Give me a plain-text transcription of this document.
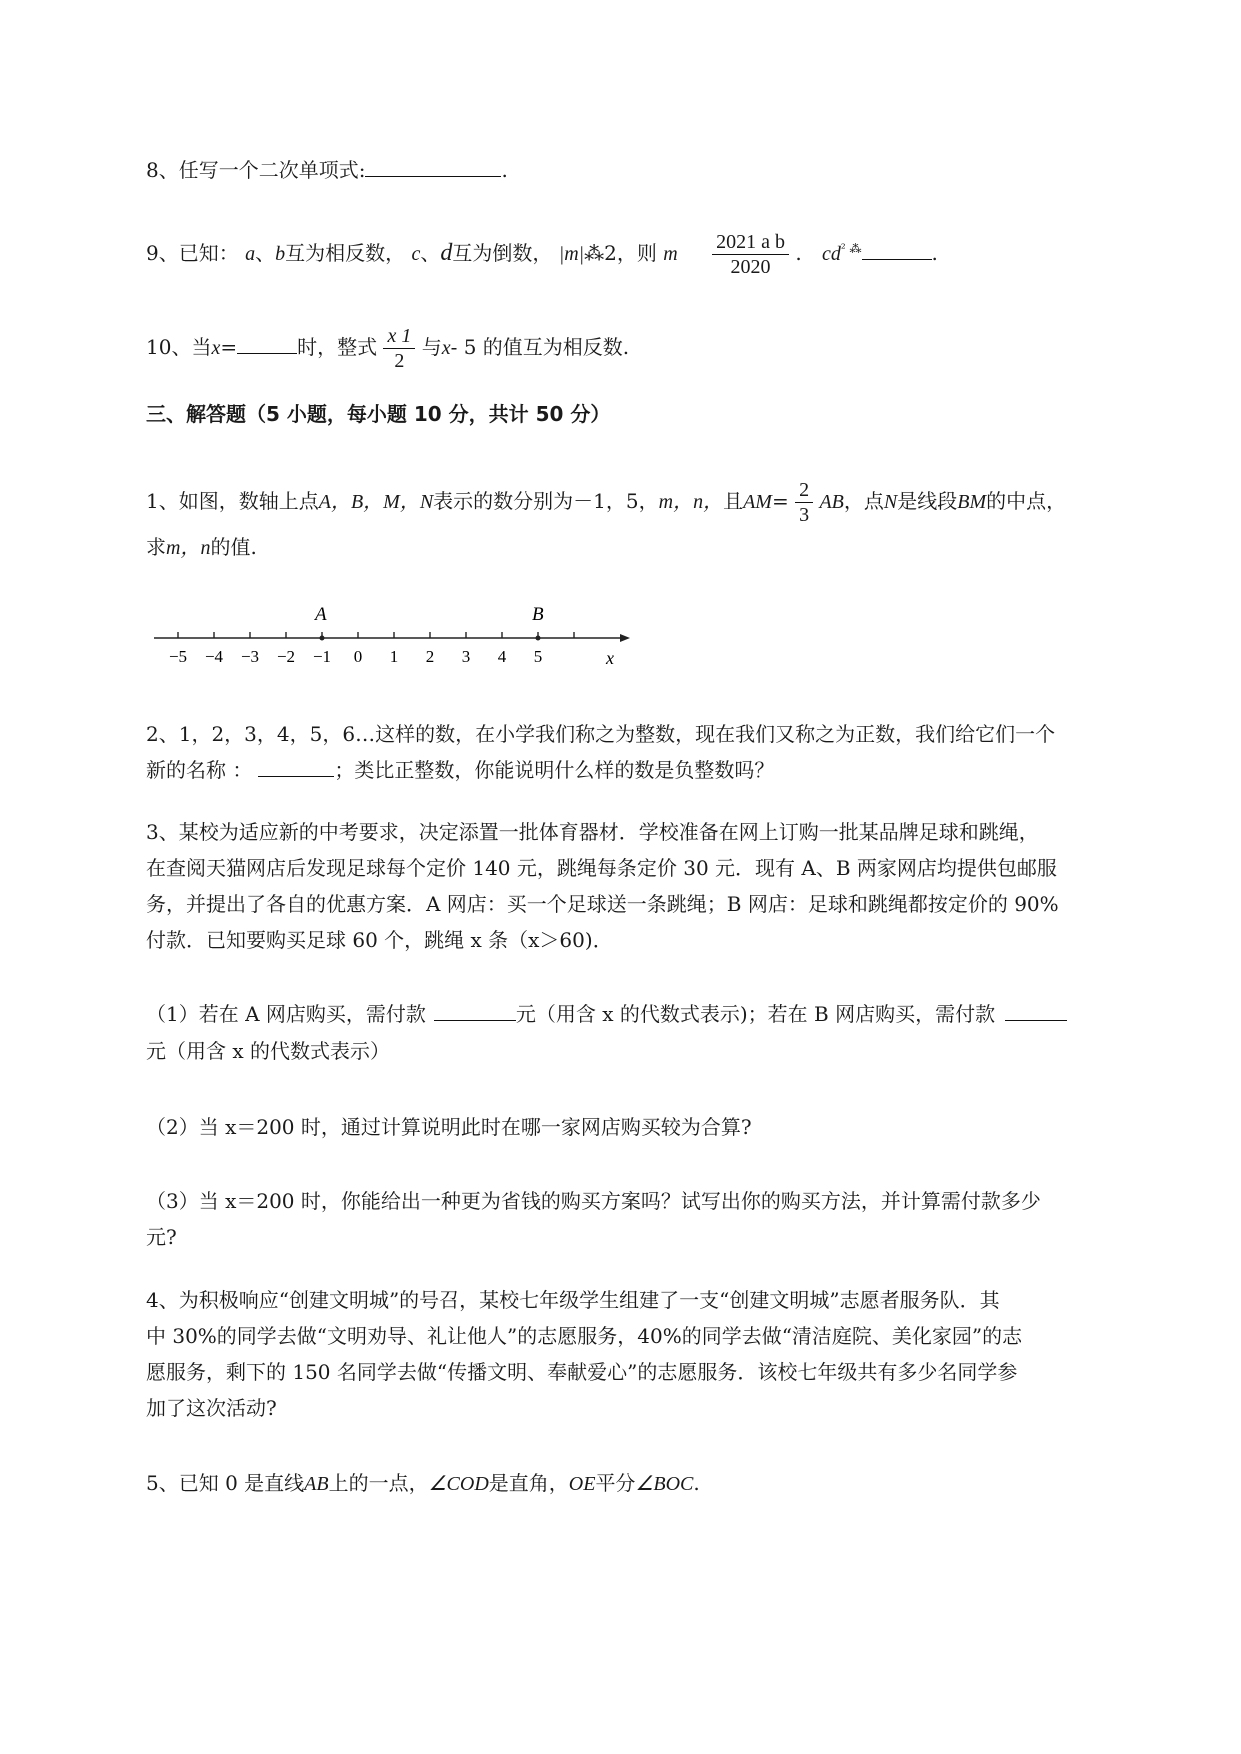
8、任写一个二次单项式:	.
9、已知： a、b互为相反数， c、d互为倒数， |m|⁂2，则 m $\frac{\text{2021 a b}}{2020}$ . $cd^{^2 ⁂}$	.
10、当x=	时，整式 $\frac{x 1}{2}$ 与x- 5 的值互为相反数.
三、解答题（5 小题，每小题 10 分，共计 50 分）
1、如图，数轴上点A，B，M，N表示的数分别为－1，5，m，n，且$AM= \frac{2}{3}$ AB，点N是线段BM的中点，
求m，n的值.
−5 −4 −3 −2 −1 0 1 2 3 4 5
A	B
x
2、1，2，3，4，5，6…这样的数，在小学我们称之为整数，现在我们又称之为正数，我们给它们一个
新的名称 ：	；类比正整数，你能说明什么样的数是负整数吗？
3、某校为适应新的中考要求，决定添置一批体育器材．学校准备在网上订购一批某品牌足球和跳绳，
在查阅天猫网店后发现足球每个定价 140 元，跳绳每条定价 30 元．现有 A、B 两家网店均提供包邮服
务，并提出了各自的优惠方案．A 网店：买一个足球送一条跳绳；B 网店：足球和跳绳都按定价的 90%
付款．已知要购买足球 60 个，跳绳 x 条（x＞60)．
（1）若在 A 网店购买，需付款	元（用含 x 的代数式表示)；若在 B 网店购买，需付款
元（用含 x 的代数式表示）
（2）当 x＝200 时，通过计算说明此时在哪一家网店购买较为合算?
（3）当 x＝200 时，你能给出一种更为省钱的购买方案吗？试写出你的购买方法，并计算需付款多少
元?
4、为积极响应“创建文明城”的号召，某校七年级学生组建了一支“创建文明城”志愿者服务队．其
中 30%的同学去做“文明劝导、礼让他人”的志愿服务，40%的同学去做“清洁庭院、美化家园”的志
愿服务，剩下的 150 名同学去做“传播文明、奉献爱心”的志愿服务．该校七年级共有多少名同学参
加了这次活动?
5、已知 0 是直线AB上的一点，∠COD是直角，OE平分∠BOC.
